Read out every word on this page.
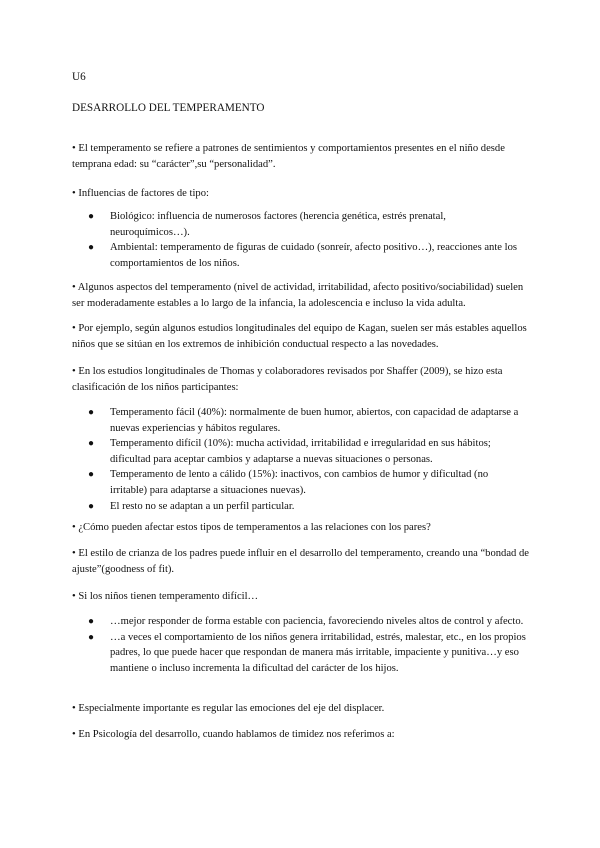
U6
DESARROLLO DEL TEMPERAMENTO

• El temperamento se refiere a patrones de sentimientos y comportamientos presentes en el niño desde temprana edad: su “carácter”,su “personalidad”.

• Influencias de factores de tipo:

● Biológico: influencia de numerosos factores (herencia genética, estrés prenatal, neuroquímicos…).
● Ambiental: temperamento de figuras de cuidado (sonreír, afecto positivo…), reacciones ante los comportamientos de los niños.

• Algunos aspectos del temperamento (nivel de actividad, irritabilidad, afecto positivo/sociabilidad) suelen ser moderadamente estables a lo largo de la infancia, la adolescencia e incluso la vida adulta.

• Por ejemplo, según algunos estudios longitudinales del equipo de Kagan, suelen ser más estables aquellos niños que se sitúan en los extremos de inhibición conductual respecto a las novedades.

• En los estudios longitudinales de Thomas y colaboradores revisados por Shaffer (2009), se hizo esta clasificación de los niños participantes:

● Temperamento fácil (40%): normalmente de buen humor, abiertos, con capacidad de adaptarse a nuevas experiencias y hábitos regulares.
● Temperamento difícil (10%): mucha actividad, irritabilidad e irregularidad en sus hábitos; dificultad para aceptar cambios y adaptarse a nuevas situaciones o personas.
● Temperamento de lento a cálido (15%): inactivos, con cambios de humor y dificultad (no irritable) para adaptarse a situaciones nuevas).
● El resto no se adaptan a un perfil particular.

• ¿Cómo pueden afectar estos tipos de temperamentos a las relaciones con los pares?

• El estilo de crianza de los padres puede influir en el desarrollo del temperamento, creando una “bondad de ajuste”(goodness of fit).

• Si los niños tienen temperamento difícil…

● …mejor responder de forma estable con paciencia, favoreciendo niveles altos de control y afecto.
● …a veces el comportamiento de los niños genera irritabilidad, estrés, malestar, etc., en los propios padres, lo que puede hacer que respondan de manera más irritable, impaciente y punitiva…y eso mantiene o incluso incrementa la dificultad del carácter de los hijos.

• Especialmente importante es regular las emociones del eje del displacer.

• En Psicología del desarrollo, cuando hablamos de timidez nos referimos a:
